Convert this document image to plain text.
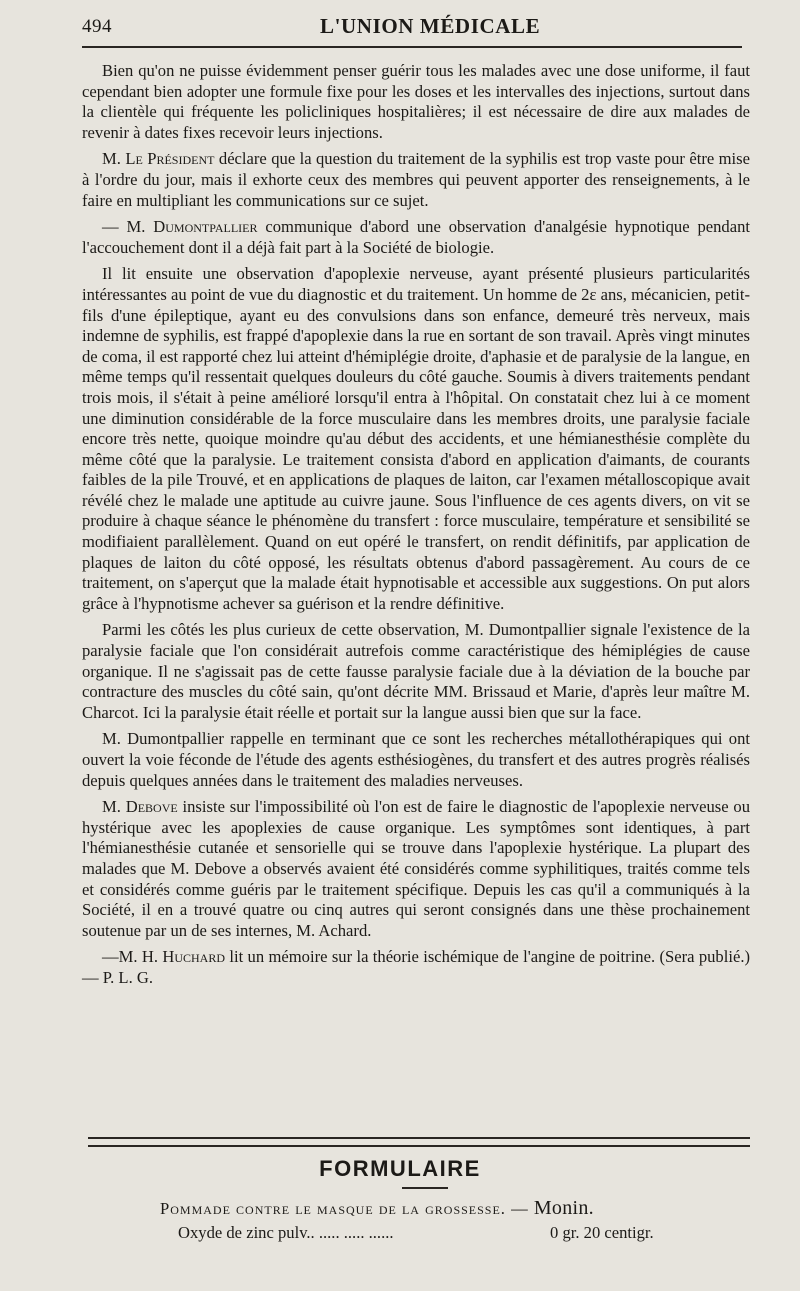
494	L'UNION MÉDICALE

Bien qu'on ne puisse évidemment penser guérir tous les malades avec une dose uniforme, il faut cependant bien adopter une formule fixe pour les doses et les intervalles des injections, surtout dans la clientèle qui fréquente les policliniques hospitalières; il est nécessaire de dire aux malades de revenir à dates fixes recevoir leurs injections.

M. Le Président déclare que la question du traitement de la syphilis est trop vaste pour être mise à l'ordre du jour, mais il exhorte ceux des membres qui peuvent apporter des renseignements, à le faire en multipliant les communications sur ce sujet.

— M. Dumontpallier communique d'abord une observation d'analgésie hypnotique pendant l'accouchement dont il a déjà fait part à la Société de biologie.

Il lit ensuite une observation d'apoplexie nerveuse, ayant présenté plusieurs particularités intéressantes au point de vue du diagnostic et du traitement. Un homme de 2ε ans, mécanicien, petit-fils d'une épileptique, ayant eu des convulsions dans son enfance, demeuré très nerveux, mais indemne de syphilis, est frappé d'apoplexie dans la rue en sortant de son travail. Après vingt minutes de coma, il est rapporté chez lui atteint d'hémiplégie droite, d'aphasie et de paralysie de la langue, en même temps qu'il ressentait quelques douleurs du côté gauche. Soumis à divers traitements pendant trois mois, il s'était à peine amélioré lorsqu'il entra à l'hôpital. On constatait chez lui à ce moment une diminution considérable de la force musculaire dans les membres droits, une paralysie faciale encore très nette, quoique moindre qu'au début des accidents, et une hémianesthésie complète du même côté que la paralysie. Le traitement consista d'abord en application d'aimants, de courants faibles de la pile Trouvé, et en applications de plaques de laiton, car l'examen métalloscopique avait révélé chez le malade une aptitude au cuivre jaune. Sous l'influence de ces agents divers, on vit se produire à chaque séance le phénomène du transfert : force musculaire, température et sensibilité se modifiaient parallèlement. Quand on eut opéré le transfert, on rendit définitifs, par application de plaques de laiton du côté opposé, les résultats obtenus d'abord passagèrement. Au cours de ce traitement, on s'aperçut que la malade était hypnotisable et accessible aux suggestions. On put alors grâce à l'hypnotisme achever sa guérison et la rendre définitive.

Parmi les côtés les plus curieux de cette observation, M. Dumontpallier signale l'existence de la paralysie faciale que l'on considérait autrefois comme caractéristique des hémiplégies de cause organique. Il ne s'agissait pas de cette fausse paralysie faciale due à la déviation de la bouche par contracture des muscles du côté sain, qu'ont décrite MM. Brissaud et Marie, d'après leur maître M. Charcot. Ici la paralysie était réelle et portait sur la langue aussi bien que sur la face.

M. Dumontpallier rappelle en terminant que ce sont les recherches métallothérapiques qui ont ouvert la voie féconde de l'étude des agents esthésiogènes, du transfert et des autres progrès réalisés depuis quelques années dans le traitement des maladies nerveuses.

M. Debove insiste sur l'impossibilité où l'on est de faire le diagnostic de l'apoplexie nerveuse ou hystérique avec les apoplexies de cause organique. Les symptômes sont identiques, à part l'hémianesthésie cutanée et sensorielle qui se trouve dans l'apoplexie hystérique. La plupart des malades que M. Debove a observés avaient été considérés comme syphilitiques, traités comme tels et considérés comme guéris par le traitement spécifique. Depuis les cas qu'il a communiqués à la Société, il en a trouvé quatre ou cinq autres qui seront consignés dans une thèse prochainement soutenue par un de ses internes, M. Achard.

—M. H. Huchard lit un mémoire sur la théorie ischémique de l'angine de poitrine. (Sera publié.) — P. L. G.

FORMULAIRE
Pommade contre le masque de la grossesse. — Monin.
Oxyde de zinc pulv.. ..... ..... ......	0 gr. 20 centigr.
